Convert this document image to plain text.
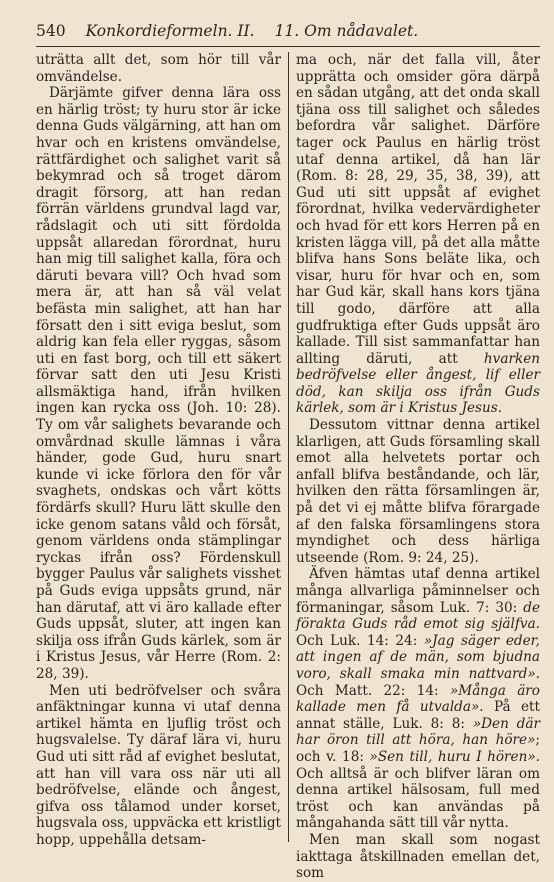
540 Konkordieformeln. II. 11. Om nådavalet.

uträtta allt det, som hör till vår omvändelse.

Därjämte gifver denna lära oss en härlig tröst; ty huru stor är icke denna Guds välgärning, att han om hvar och en kristens omvändelse, rättfärdighet och salighet varit så bekymrad och så troget därom dragit försorg, att han redan förrän världens grundval lagd var, rådslagit och uti sitt fördolda uppsåt allaredan förordnat, huru han mig till salighet kalla, föra och däruti bevara vill? Och hvad som mera är, att han så väl velat befästa min salighet, att han har försatt den i sitt eviga beslut, som aldrig kan fela eller ryggas, såsom uti en fast borg, och till ett säkert förvar satt den uti Jesu Kristi allsmäktiga hand, ifrån hvilken ingen kan rycka oss (Joh. 10: 28). Ty om vår salighets bevarande och omvårdnad skulle lämnas i våra händer, gode Gud, huru snart kunde vi icke förlora den för vår svaghets, ondskas och vårt kötts fördärfs skull? Huru lätt skulle den icke genom satans våld och försåt, genom världens onda stämplingar ryckas ifrån oss? Fördenskull bygger Paulus vår salighets visshet på Guds eviga uppsåts grund, när han därutaf, att vi äro kallade efter Guds uppsåt, sluter, att ingen kan skilja oss ifrån Guds kärlek, som är i Kristus Jesus, vår Herre (Rom. 2: 28, 39).

Men uti bedröfvelser och svåra anfäktningar kunna vi utaf denna artikel hämta en ljuflig tröst och hugsvalelse. Ty däraf lära vi, huru Gud uti sitt råd af evighet beslutat, att han vill vara oss när uti all bedröfvelse, elände och ångest, gifva oss tålamod under korset, hugsvala oss, uppväcka ett kristligt hopp, uppehålla detsam-

ma och, när det falla vill, åter upprätta och omsider göra därpå en sådan utgång, att det onda skall tjäna oss till salighet och således befordra vår salighet. Därföre tager ock Paulus en härlig tröst utaf denna artikel, då han lär (Rom. 8: 28, 29, 35, 38, 39), att Gud uti sitt uppsåt af evighet förordnat, hvilka vedervärdigheter och hvad för ett kors Herren på en kristen lägga vill, på det alla måtte blifva hans Sons beläte lika, och visar, huru för hvar och en, som har Gud kär, skall hans kors tjäna till godo, därföre att alla gudfruktiga efter Guds uppsåt äro kallade. Till sist sammanfattar han allting däruti, att hvarken bedröfvelse eller ångest, lif eller död, kan skilja oss ifrån Guds kärlek, som är i Kristus Jesus.

Dessutom vittnar denna artikel klarligen, att Guds församling skall emot alla helvetets portar och anfall blifva beståndande, och lär, hvilken den rätta församlingen är, på det vi ej måtte blifva förargade af den falska församlingens stora myndighet och dess härliga utseende (Rom. 9: 24, 25).

Äfven hämtas utaf denna artikel många allvarliga påminnelser och förmaningar, såsom Luk. 7: 30: de förakta Guds råd emot sig själfva. Och Luk. 14: 24: »Jag säger eder, att ingen af de män, som bjudna voro, skall smaka min nattvard». Och Matt. 22: 14: »Många äro kallade men få utvalda». På ett annat ställe, Luk. 8: 8: »Den där har öron till att höra, han höre»; och v. 18: »Sen till, huru I hören». Och alltså är och blifver läran om denna artikel hälsosam, full med tröst och kan användas på mångahanda sätt till vår nytta.

Men man skall som nogast iakttaga åtskillnaden emellan det, som
